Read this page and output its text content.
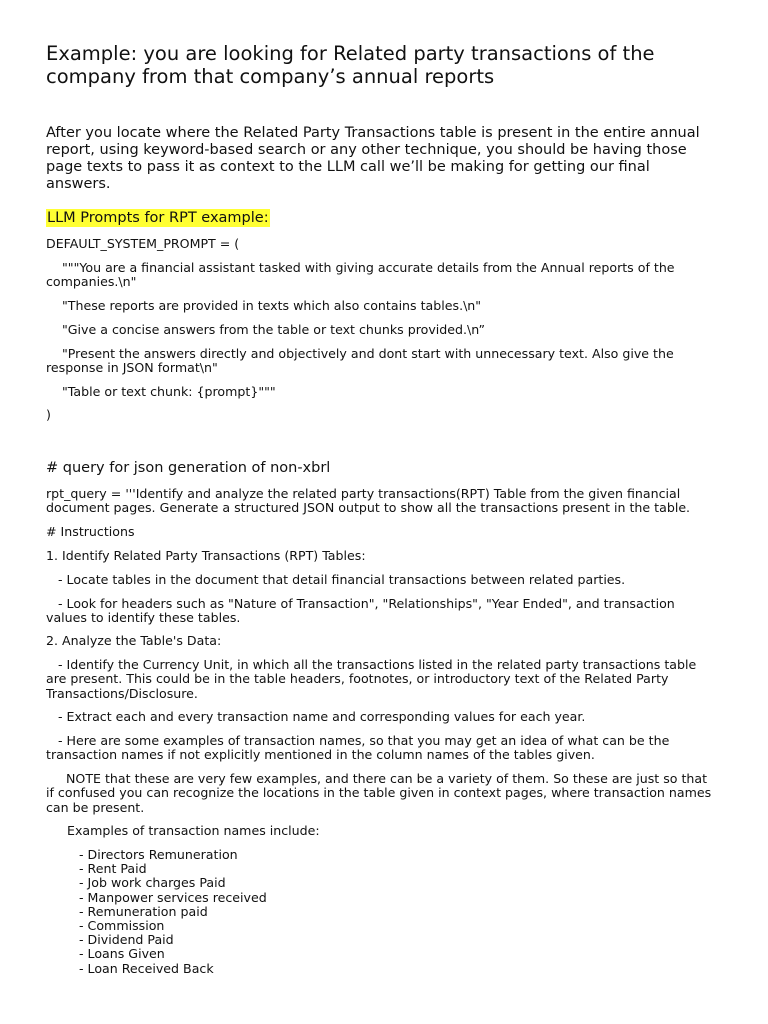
Example: you are looking for Related party transactions of the company from that company’s annual reports

After you locate where the Related Party Transactions table is present in the entire annual report, using keyword-based search or any other technique, you should be having those page texts to pass it as context to the LLM call we’ll be making for getting our final answers.

LLM Prompts for RPT example:

DEFAULT_SYSTEM_PROMPT = (

"""You are a financial assistant tasked with giving accurate details from the Annual reports of the companies.\n"

"These reports are provided in texts which also contains tables.\n"

"Give a concise answers from the table or text chunks provided.\n”

"Present the answers directly and objectively and dont start with unnecessary text. Also give the response in JSON format\n"

"Table or text chunk: {prompt}"""

)

# query for json generation of non-xbrl

rpt_query = '''Identify and analyze the related party transactions(RPT) Table from the given financial document pages. Generate a structured JSON output to show all the transactions present in the table.

# Instructions

1. Identify Related Party Transactions (RPT) Tables:

- Locate tables in the document that detail financial transactions between related parties.

- Look for headers such as "Nature of Transaction", "Relationships", "Year Ended", and transaction values to identify these tables.

2. Analyze the Table's Data:

- Identify the Currency Unit, in which all the transactions listed in the related party transactions table are present. This could be in the table headers, footnotes, or introductory text of the Related Party Transactions/Disclosure.

- Extract each and every transaction name and corresponding values for each year.

- Here are some examples of transaction names, so that you may get an idea of what can be the transaction names if not explicitly mentioned in the column names of the tables given.

NOTE that these are very few examples, and there can be a variety of them. So these are just so that if confused you can recognize the locations in the table given in context pages, where transaction names can be present.

Examples of transaction names include:

- Directors Remuneration
- Rent Paid
- Job work charges Paid
- Manpower services received
- Remuneration paid
- Commission
- Dividend Paid
- Loans Given
- Loan Received Back
